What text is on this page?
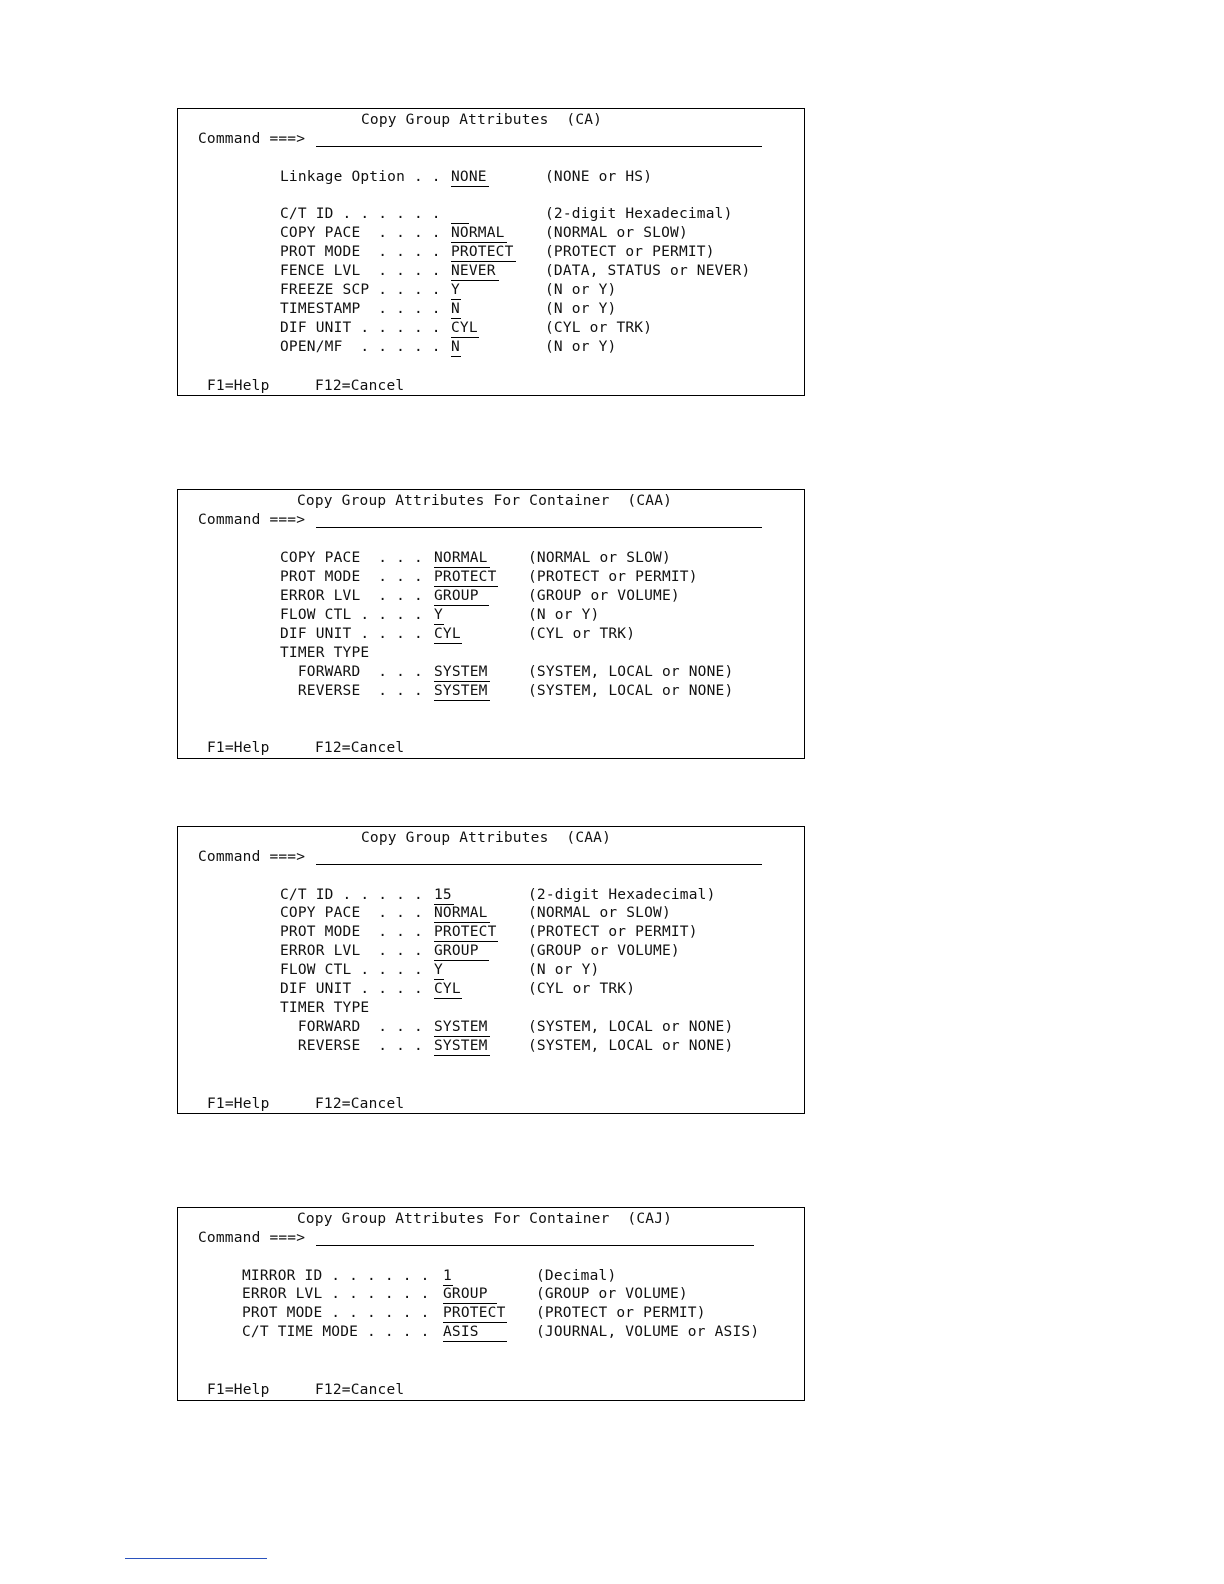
Copy Group Attributes  (CA)
Command ===>
Linkage Option . . NONE	(NONE or HS)
C/T ID . . . . . .	(2-digit Hexadecimal)
COPY PACE  . . . . NORMAL	(NORMAL or SLOW)
PROT MODE  . . . . PROTECT (PROTECT or PERMIT)
FENCE LVL  . . . . NEVER	(DATA, STATUS or NEVER)
FREEZE SCP . . . . Y	(N or Y)
TIMESTAMP  . . . . N	(N or Y)
DIF UNIT . . . . . CYL	(CYL or TRK)
OPEN/MF  . . . . . N	(N or Y)
F1=Help	F12=Cancel
Copy Group Attributes For Container  (CAA)
Command ===>
COPY PACE  . . . NORMAL	(NORMAL or SLOW)
PROT MODE  . . . PROTECT (PROTECT or PERMIT)
ERROR LVL  . . . GROUP	(GROUP or VOLUME)
FLOW CTL . . . . Y	(N or Y)
DIF UNIT . . . . CYL	(CYL or TRK)
TIMER TYPE
FORWARD  . . . SYSTEM	(SYSTEM, LOCAL or NONE)
REVERSE  . . . SYSTEM	(SYSTEM, LOCAL or NONE)
F1=Help	F12=Cancel
Copy Group Attributes  (CAA)
Command ===>
C/T ID . . . . . 15	(2-digit Hexadecimal)
COPY PACE  . . . NORMAL	(NORMAL or SLOW)
PROT MODE  . . . PROTECT (PROTECT or PERMIT)
ERROR LVL  . . . GROUP	(GROUP or VOLUME)
FLOW CTL . . . . Y	(N or Y)
DIF UNIT . . . . CYL	(CYL or TRK)
TIMER TYPE
FORWARD  . . . SYSTEM	(SYSTEM, LOCAL or NONE)
REVERSE  . . . SYSTEM	(SYSTEM, LOCAL or NONE)
F1=Help	F12=Cancel
Copy Group Attributes For Container  (CAJ)
Command ===>
MIRROR ID . . . . . . 1	(Decimal)
ERROR LVL . . . . . . GROUP	(GROUP or VOLUME)
PROT MODE . . . . . . PROTECT (PROTECT or PERMIT)
C/T TIME MODE . . . . ASIS	(JOURNAL, VOLUME or ASIS)
F1=Help	F12=Cancel
